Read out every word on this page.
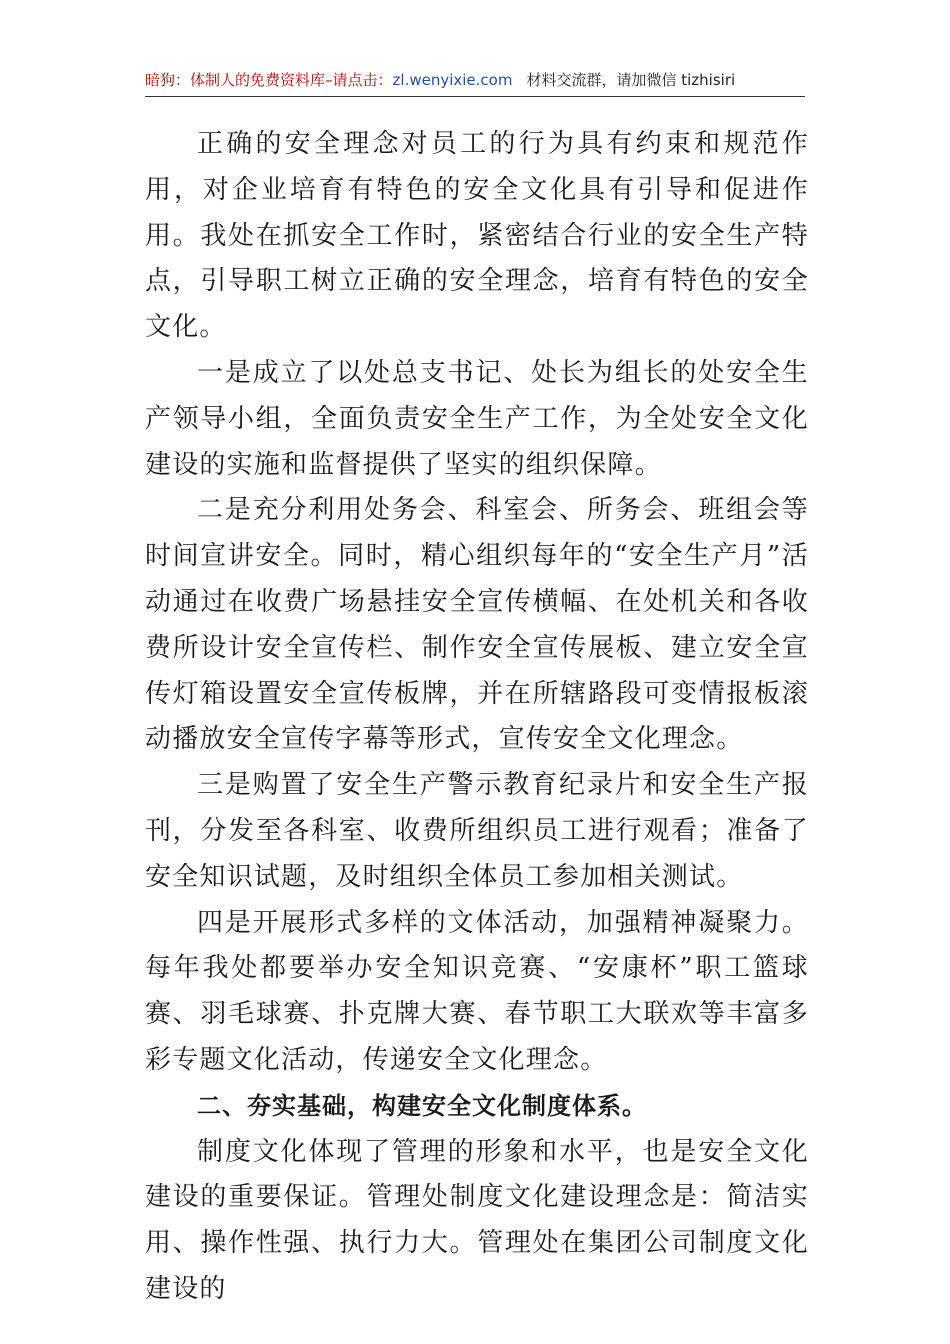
暗狗：体制人的免费资料库–请点击：zl.wenyixie.com 材料交流群，请加微信 tizhisiri

正确的安全理念对员工的行为具有约束和规范作用，对企业培育有特色的安全文化具有引导和促进作用。我处在抓安全工作时，紧密结合行业的安全生产特点，引导职工树立正确的安全理念，培育有特色的安全文化。

一是成立了以处总支书记、处长为组长的处安全生产领导小组，全面负责安全生产工作，为全处安全文化建设的实施和监督提供了坚实的组织保障。

二是充分利用处务会、科室会、所务会、班组会等时间宣讲安全。同时，精心组织每年的“安全生产月”活动通过在收费广场悬挂安全宣传横幅、在处机关和各收费所设计安全宣传栏、制作安全宣传展板、建立安全宣传灯箱设置安全宣传板牌，并在所辖路段可变情报板滚动播放安全宣传字幕等形式，宣传安全文化理念。

三是购置了安全生产警示教育纪录片和安全生产报刊，分发至各科室、收费所组织员工进行观看；准备了安全知识试题，及时组织全体员工参加相关测试。

四是开展形式多样的文体活动，加强精神凝聚力。每年我处都要举办安全知识竞赛、“安康杯”职工篮球赛、羽毛球赛、扑克牌大赛、春节职工大联欢等丰富多彩专题文化活动，传递安全文化理念。

二、夯实基础，构建安全文化制度体系。

制度文化体现了管理的形象和水平，也是安全文化建设的重要保证。管理处制度文化建设理念是：简洁实用、操作性强、执行力大。管理处在集团公司制度文化建设的
